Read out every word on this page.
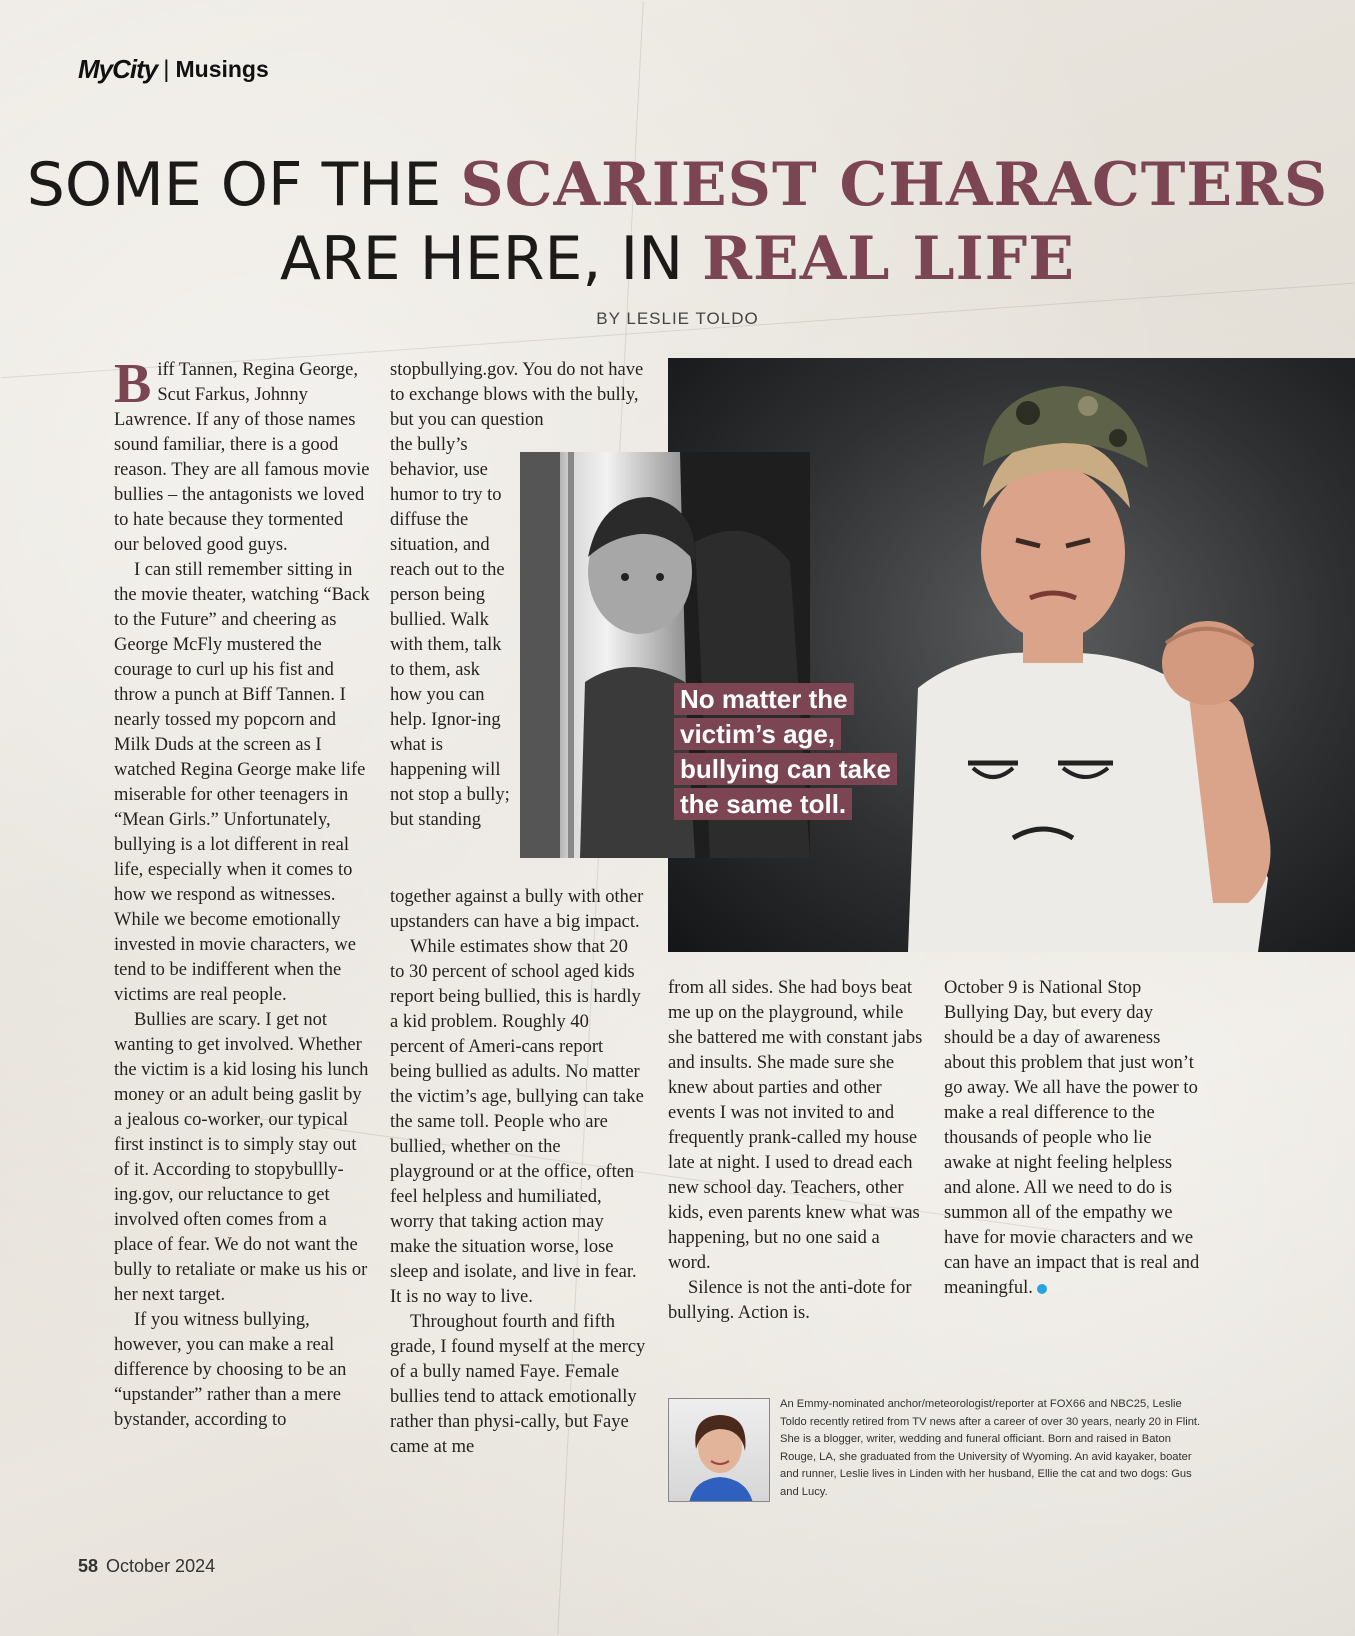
MyCity | Musings
SOME OF THE SCARIEST CHARACTERS
ARE HERE, IN REAL LIFE
BY LESLIE TOLDO
No matter the
victim’s age,
bullying can take
the same toll.

Biff Tannen, Regina George, Scut Farkus, Johnny Lawrence. If any of those names sound familiar, there is a good reason. They are all famous movie bullies – the antagonists we loved to hate because they tormented our beloved good guys.

I can still remember sitting in the movie theater, watching “Back to the Future” and cheering as George McFly mustered the courage to curl up his fist and throw a punch at Biff Tannen. I nearly tossed my popcorn and Milk Duds at the screen as I watched Regina George make life miserable for other teenagers in “Mean Girls.” Unfortunately, bullying is a lot different in real life, especially when it comes to how we respond as witnesses. While we become emotionally invested in movie characters, we tend to be indifferent when the victims are real people.

Bullies are scary. I get not wanting to get involved. Whether the victim is a kid losing his lunch money or an adult being gaslit by a jealous co-worker, our typical first instinct is to simply stay out of it. According to stopybullly-ing.gov, our reluctance to get involved often comes from a place of fear. We do not want the bully to retaliate or make us his or her next target.

If you witness bullying, however, you can make a real difference by choosing to be an “upstander” rather than a mere bystander, according to

stopbullying.gov. You do not have to exchange blows with the bully, but you can question

the bully’s behavior, use humor to try to diffuse the situation, and reach out to the person being bullied. Walk with them, talk to them, ask how you can help. Ignor-ing what is happening will not stop a bully; but standing

together against a bully with other upstanders can have a big impact.

While estimates show that 20 to 30 percent of school aged kids report being bullied, this is hardly a kid problem. Roughly 40 percent of Ameri-cans report being bullied as adults. No matter the victim’s age, bullying can take the same toll. People who are bullied, whether on the playground or at the office, often feel helpless and humiliated, worry that taking action may make the situation worse, lose sleep and isolate, and live in fear. It is no way to live.

Throughout fourth and fifth grade, I found myself at the mercy of a bully named Faye. Female bullies tend to attack emotionally rather than physi-cally, but Faye came at me

from all sides. She had boys beat me up on the playground, while she battered me with constant jabs and insults. She made sure she knew about parties and other events I was not invited to and frequently prank-called my house late at night. I used to dread each new school day. Teachers, other kids, even parents knew what was happening, but no one said a word.

Silence is not the anti-dote for bullying. Action is.

October 9 is National Stop Bullying Day, but every day should be a day of awareness about this problem that just won’t go away. We all have the power to make a real difference to the thousands of people who lie awake at night feeling helpless and alone. All we need to do is summon all of the empathy we have for movie characters and we can have an impact that is real and meaningful.

An Emmy-nominated anchor/meteorologist/reporter at FOX66 and NBC25, Leslie Toldo recently retired from TV news after a career of over 30 years, nearly 20 in Flint. She is a blogger, writer, wedding and funeral officiant. Born and raised in Baton Rouge, LA, she graduated from the University of Wyoming. An avid kayaker, boater and runner, Leslie lives in Linden with her husband, Ellie the cat and two dogs: Gus and Lucy.
58 October 2024
